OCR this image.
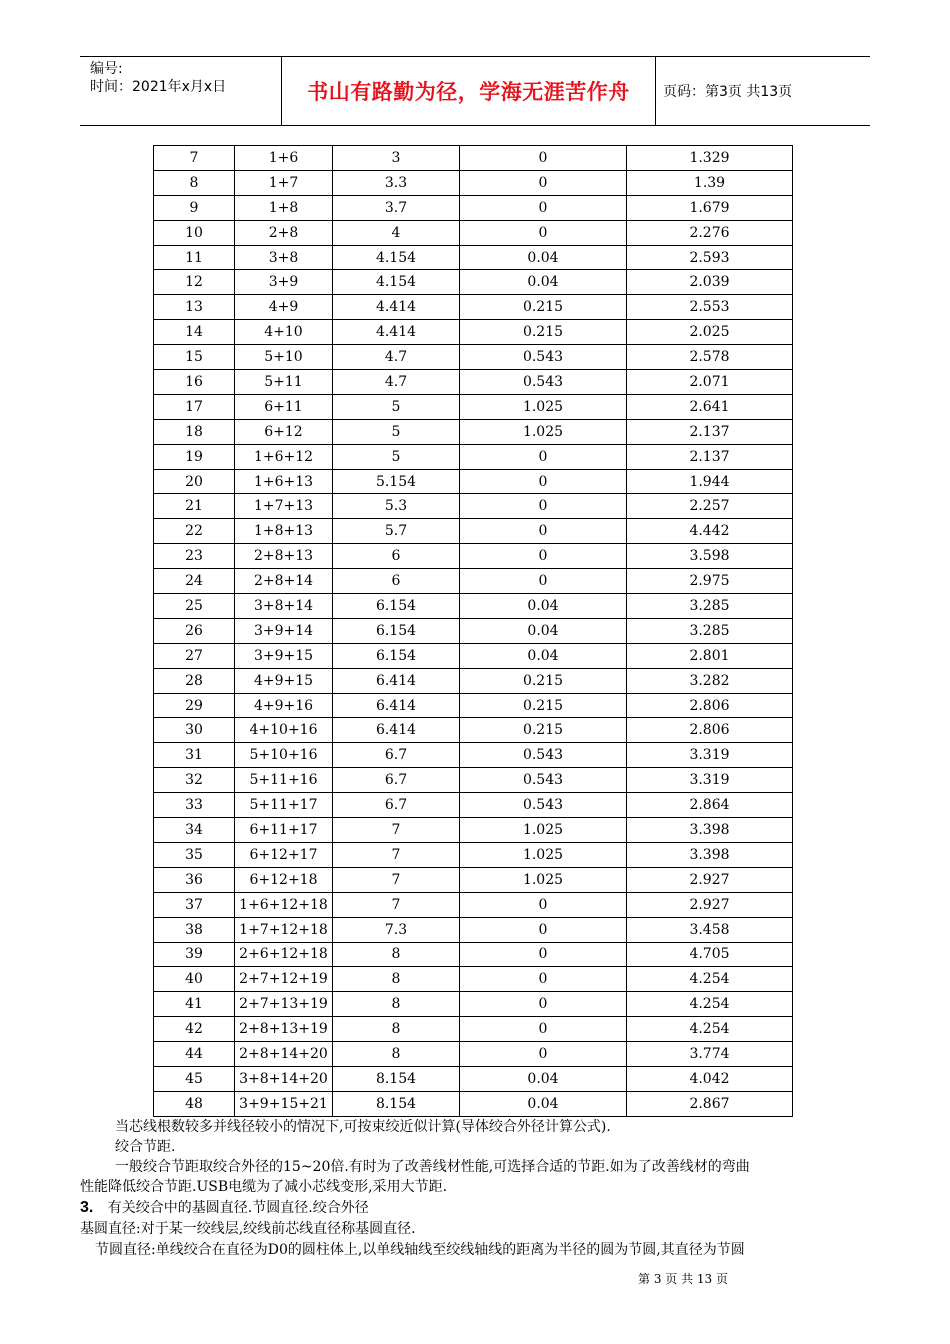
编号:
时间：2021年x月x日	书山有路勤为径，学海无涯苦作舟	页码：第3页 共13页
7	1+6	3	0	1.329
8	1+7	3.3	0	1.39
9	1+8	3.7	0	1.679
10	2+8	4	0	2.276
11	3+8	4.154	0.04	2.593
12	3+9	4.154	0.04	2.039
13	4+9	4.414	0.215	2.553
14	4+10	4.414	0.215	2.025
15	5+10	4.7	0.543	2.578
16	5+11	4.7	0.543	2.071
17	6+11	5	1.025	2.641
18	6+12	5	1.025	2.137
19	1+6+12	5	0	2.137
20	1+6+13	5.154	0	1.944
21	1+7+13	5.3	0	2.257
22	1+8+13	5.7	0	4.442
23	2+8+13	6	0	3.598
24	2+8+14	6	0	2.975
25	3+8+14	6.154	0.04	3.285
26	3+9+14	6.154	0.04	3.285
27	3+9+15	6.154	0.04	2.801
28	4+9+15	6.414	0.215	3.282
29	4+9+16	6.414	0.215	2.806
30	4+10+16	6.414	0.215	2.806
31	5+10+16	6.7	0.543	3.319
32	5+11+16	6.7	0.543	3.319
33	5+11+17	6.7	0.543	2.864
34	6+11+17	7	1.025	3.398
35	6+12+17	7	1.025	3.398
36	6+12+18	7	1.025	2.927
37	1+6+12+18	7	0	2.927
38	1+7+12+18	7.3	0	3.458
39	2+6+12+18	8	0	4.705
40	2+7+12+19	8	0	4.254
41	2+7+13+19	8	0	4.254
42	2+8+13+19	8	0	4.254
44	2+8+14+20	8	0	3.774
45	3+8+14+20	8.154	0.04	4.042
48	3+9+15+21	8.154	0.04	2.867
当芯线根数较多并线径较小的情况下,可按束绞近似计算(导体绞合外径计算公式).
绞合节距.
一般绞合节距取绞合外径的15~20倍.有时为了改善线材性能,可选择合适的节距.如为了改善线材的弯曲
性能降低绞合节距.USB电缆为了减小芯线变形,采用大节距.
3. 有关绞合中的基圆直径.节圆直径.绞合外径
基圆直径:对于某一绞线层,绞线前芯线直径称基圆直径.
节圆直径:单线绞合在直径为D0的圆柱体上,以单线轴线至绞线轴线的距离为半径的圆为节圆,其直径为节圆
第 3 页 共 13 页
